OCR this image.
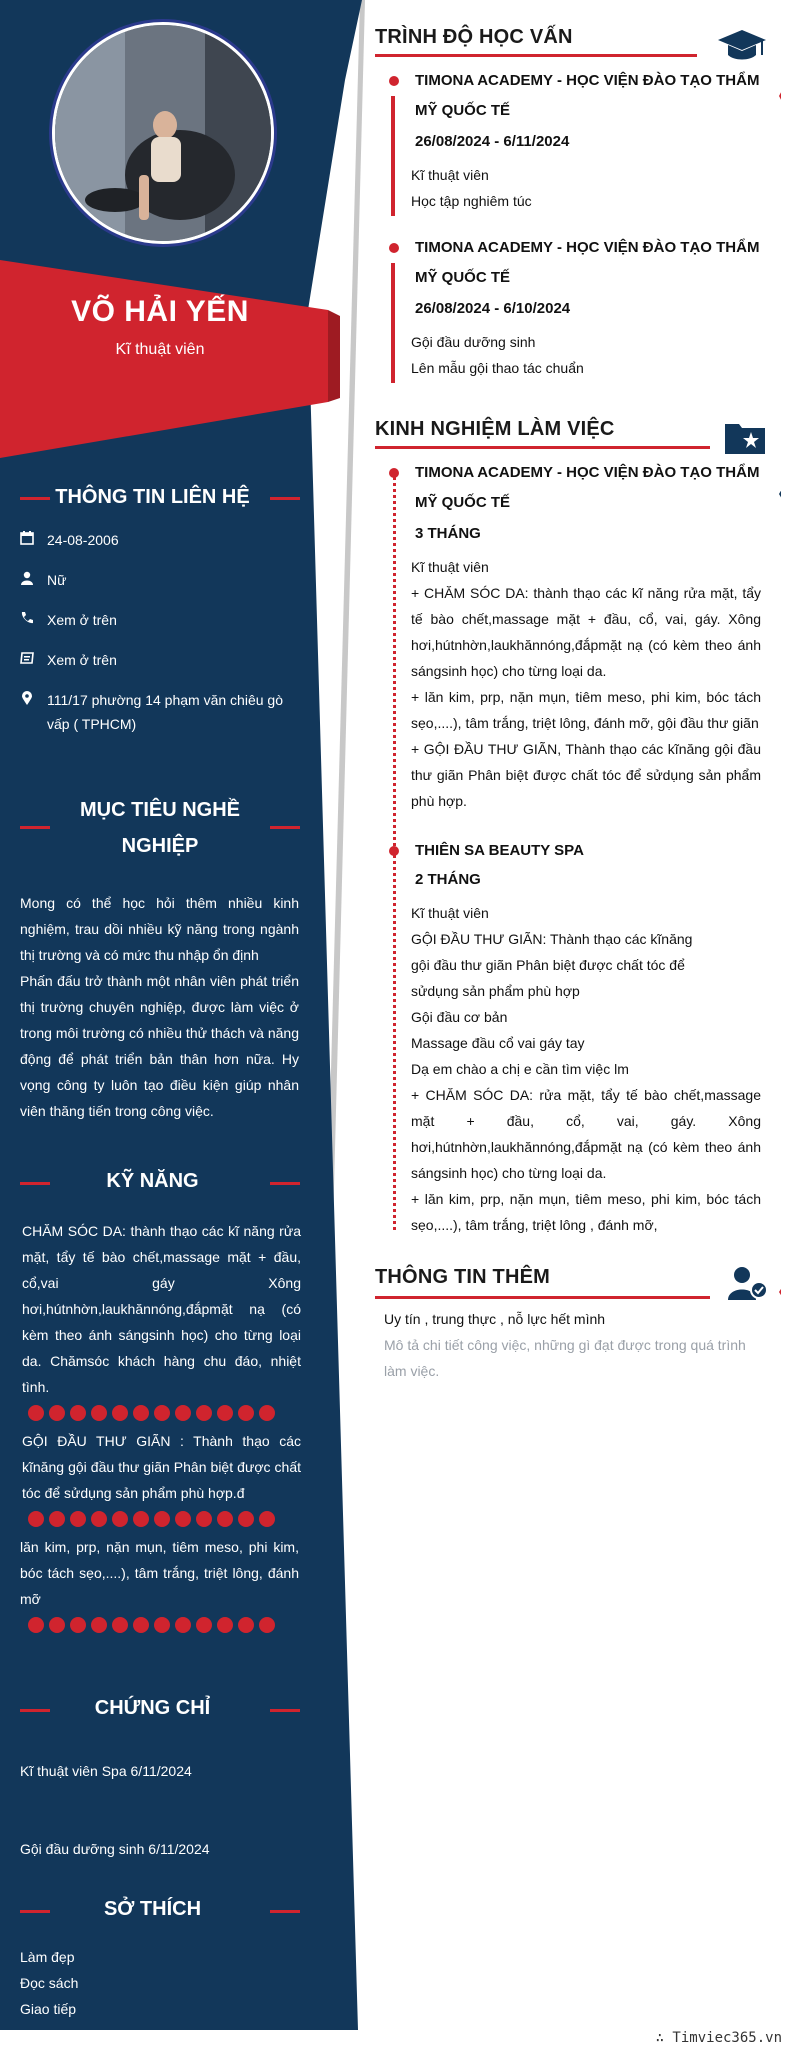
VÕ HẢI YẾN
Kĩ thuật viên
THÔNG TIN LIÊN HỆ
24-08-2006
Nữ
Xem ở trên
Xem ở trên
111/17 phường 14 phạm văn chiêu gò vấp ( TPHCM)
MỤC TIÊU NGHỀ NGHIỆP
Mong có thể học hỏi thêm nhiều kinh nghiệm, trau dồi nhiều kỹ năng trong ngành thị trường và có mức thu nhập ổn định
Phấn đấu trở thành một nhân viên phát triển thị trường chuyên nghiệp, được làm việc ở trong môi trường có nhiều thử thách và năng động để phát triển bản thân hơn nữa. Hy vọng công ty luôn tạo điều kiện giúp nhân viên thăng tiến trong công việc.
KỸ NĂNG
CHĂM SÓC DA: thành thạo các kĩ năng rửa mặt, tẩy tế bào chết,massage mặt + đầu, cổ,vai gáy Xông hơi,hútnhờn,laukhănnóng,đắpmặt nạ (có kèm theo ánh sángsinh học) cho từng loại da. Chămsóc khách hàng chu đáo, nhiệt tình.
GỘI ĐẦU THƯ GIÃN : Thành thạo các kĩnăng gội đầu thư giãn Phân biệt được chất tóc để sửdụng sản phẩm phù hợp.đ
lăn kim, prp, nặn mụn, tiêm meso, phi kim, bóc tách sẹo,....), tâm trắng, triệt lông, đánh mỡ
CHỨNG CHỈ
Kĩ thuật viên Spa 6/11/2024
Gội đầu dưỡng sinh 6/11/2024
SỞ THÍCH
Làm đẹp
Đọc sách
Giao tiếp
TRÌNH ĐỘ HỌC VẤN
TIMONA ACADEMY - HỌC VIỆN ĐÀO TẠO THẨM MỸ QUỐC TẾ
26/08/2024 - 6/11/2024
Kĩ thuật viên
Học tập nghiêm túc
TIMONA ACADEMY - HỌC VIỆN ĐÀO TẠO THẨM MỸ QUỐC TẾ
26/08/2024 - 6/10/2024
Gội đầu dưỡng sinh
Lên mẫu gội thao tác chuẩn
KINH NGHIỆM LÀM VIỆC
TIMONA ACADEMY - HỌC VIỆN ĐÀO TẠO THẨM MỸ QUỐC TẾ
3 THÁNG
Kĩ thuật viên
+ CHĂM SÓC DA: thành thạo các kĩ năng rửa mặt, tẩy tế bào chết,massage mặt + đầu, cổ, vai, gáy. Xông hơi,hútnhờn,laukhănnóng,đắpmặt nạ (có kèm theo ánh sángsinh học) cho từng loại da.
+ lăn kim, prp, nặn mụn, tiêm meso, phi kim, bóc tách sẹo,....), tâm trắng, triệt lông, đánh mỡ, gội đầu thư giãn
+ GỘI ĐẦU THƯ GIÃN, Thành thạo các kĩnăng gội đầu thư giãn Phân biệt được chất tóc để sửdụng sản phẩm phù hợp.
THIÊN SA BEAUTY SPA
2 THÁNG
Kĩ thuật viên
GỘI ĐẦU THƯ GIÃN: Thành thạo các kĩnăng
gội đầu thư giãn Phân biệt được chất tóc để
sửdụng sản phẩm phù hợp
Gội đầu cơ bản
Massage đầu cổ vai gáy tay
Dạ em chào a chị e cần tìm việc lm
+ CHĂM SÓC DA: rửa mặt, tẩy tế bào chết,massage mặt + đầu, cổ, vai, gáy. Xông hơi,hútnhờn,laukhănnóng,đắpmặt nạ (có kèm theo ánh sángsinh học) cho từng loại da.
+ lăn kim, prp, nặn mụn, tiêm meso, phi kim, bóc tách sẹo,....), tâm trắng, triệt lông , đánh mỡ,
THÔNG TIN THÊM
Uy tín , trung thực , nỗ lực hết mình
Mô tả chi tiết công việc, những gì đạt được trong quá trình làm việc.
∴ Timviec365.vn
